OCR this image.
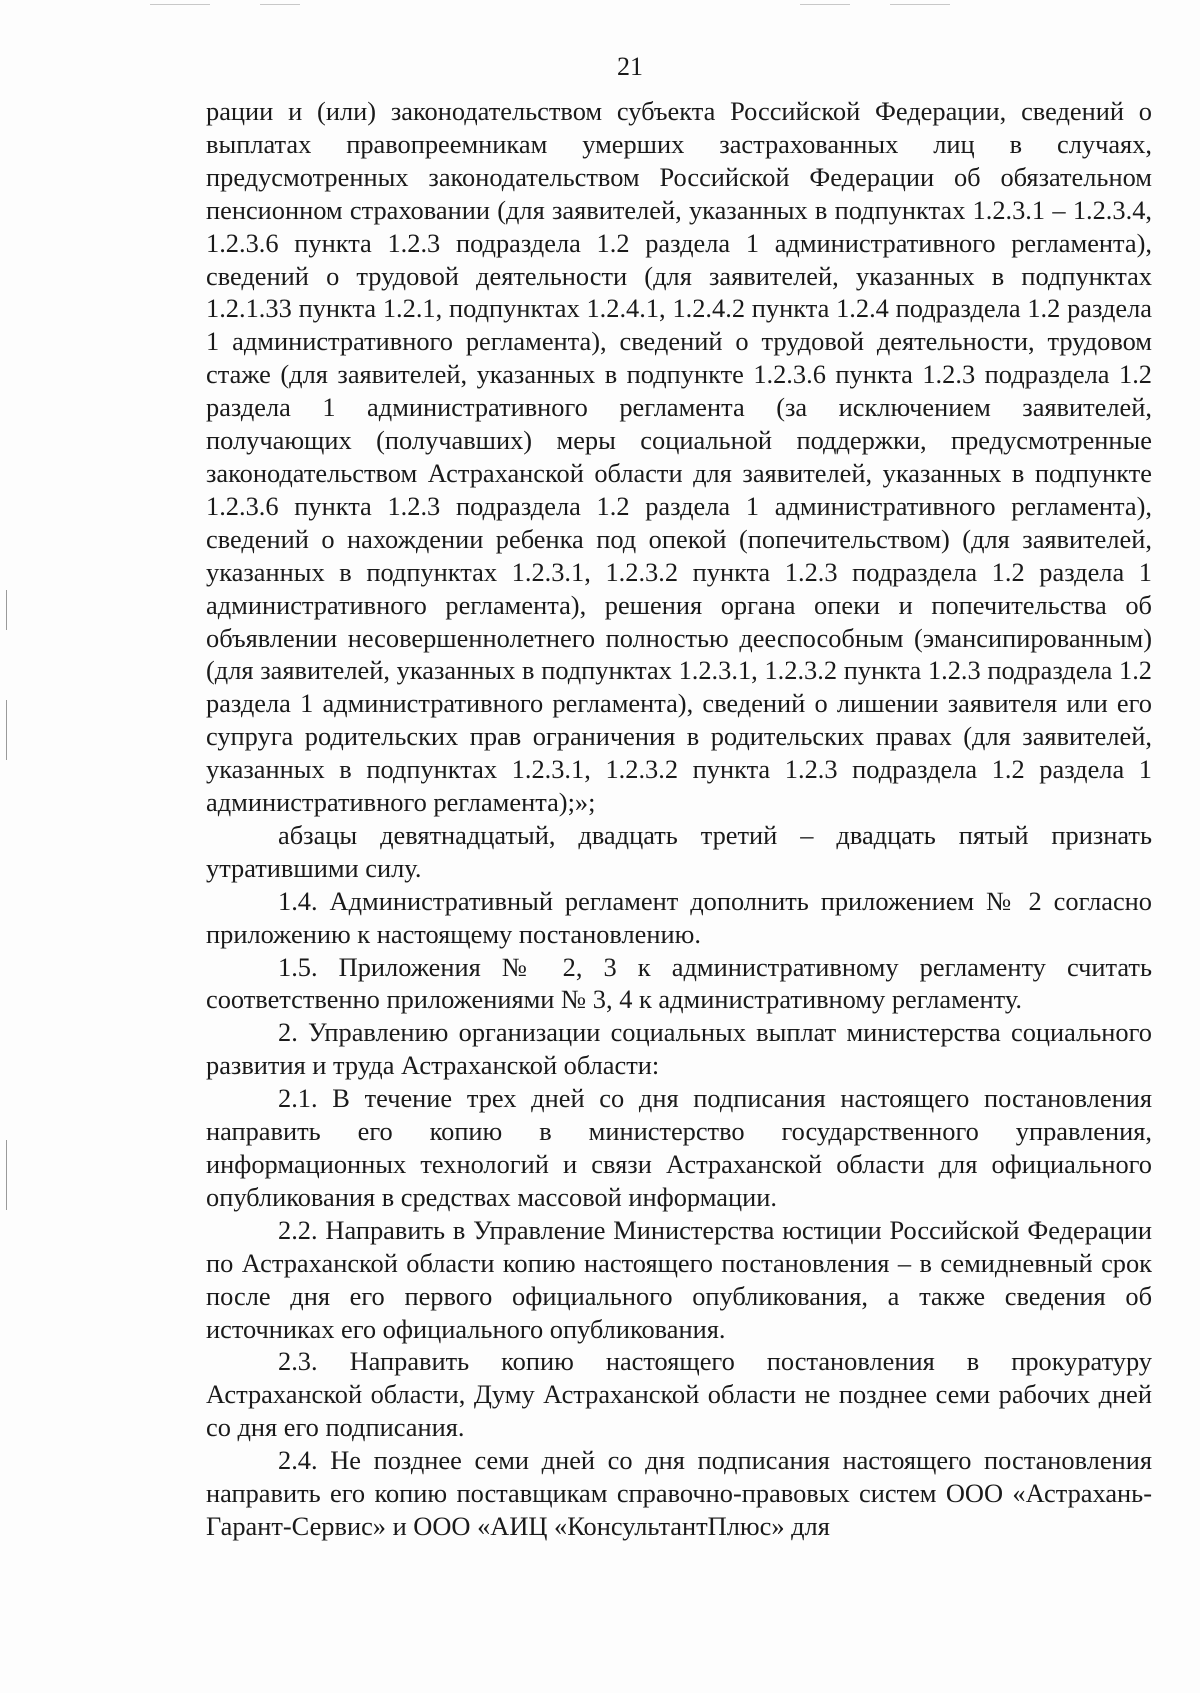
21

рации и (или) законодательством субъекта Российской Федерации, сведений о выплатах правопреемникам умерших застрахованных лиц в случаях, предусмотренных законодательством Российской Федерации об обязательном пенсионном страховании (для заявителей, указанных в подпунктах 1.2.3.1 – 1.2.3.4, 1.2.3.6 пункта 1.2.3 подраздела 1.2 раздела 1 административного регламента), сведений о трудовой деятельности (для заявителей, указанных в подпунктах 1.2.1.33 пункта 1.2.1, подпунктах 1.2.4.1, 1.2.4.2 пункта 1.2.4 подраздела 1.2 раздела 1 административного регламента), сведений о трудовой деятельности, трудовом стаже (для заявителей, указанных в подпункте 1.2.3.6 пункта 1.2.3 подраздела 1.2 раздела 1 административного регламента (за исключением заявителей, получающих (получавших) меры социальной поддержки, предусмотренные законодательством Астраханской области для заявителей, указанных в подпункте 1.2.3.6 пункта 1.2.3 подраздела 1.2 раздела 1 административного регламента), сведений о нахождении ребенка под опекой (попечительством) (для заявителей, указанных в подпунктах 1.2.3.1, 1.2.3.2 пункта 1.2.3 подраздела 1.2 раздела 1 административного регламента), решения органа опеки и попечительства об объявлении несовершеннолетнего полностью дееспособным (эмансипированным) (для заявителей, указанных в подпунктах 1.2.3.1, 1.2.3.2 пункта 1.2.3 подраздела 1.2 раздела 1 административного регламента), сведений о лишении заявителя или его супруга родительских прав ограничения в родительских правах (для заявителей, указанных в подпунктах 1.2.3.1, 1.2.3.2 пункта 1.2.3 подраздела 1.2 раздела 1 административного регламента);»;

абзацы девятнадцатый, двадцать третий – двадцать пятый признать утратившими силу.

1.4. Административный регламент дополнить приложением № 2 согласно приложению к настоящему постановлению.

1.5. Приложения № 2, 3 к административному регламенту считать соответственно приложениями № 3, 4 к административному регламенту.

2. Управлению организации социальных выплат министерства социального развития и труда Астраханской области:

2.1. В течение трех дней со дня подписания настоящего постановления направить его копию в министерство государственного управления, информационных технологий и связи Астраханской области для официального опубликования в средствах массовой информации.

2.2. Направить в Управление Министерства юстиции Российской Федерации по Астраханской области копию настоящего постановления – в семидневный срок после дня его первого официального опубликования, а также сведения об источниках его официального опубликования.

2.3. Направить копию настоящего постановления в прокуратуру Астраханской области, Думу Астраханской области не позднее семи рабочих дней со дня его подписания.

2.4. Не позднее семи дней со дня подписания настоящего постановления направить его копию поставщикам справочно-правовых систем ООО «Астрахань-Гарант-Сервис» и ООО «АИЦ «КонсультантПлюс» для
